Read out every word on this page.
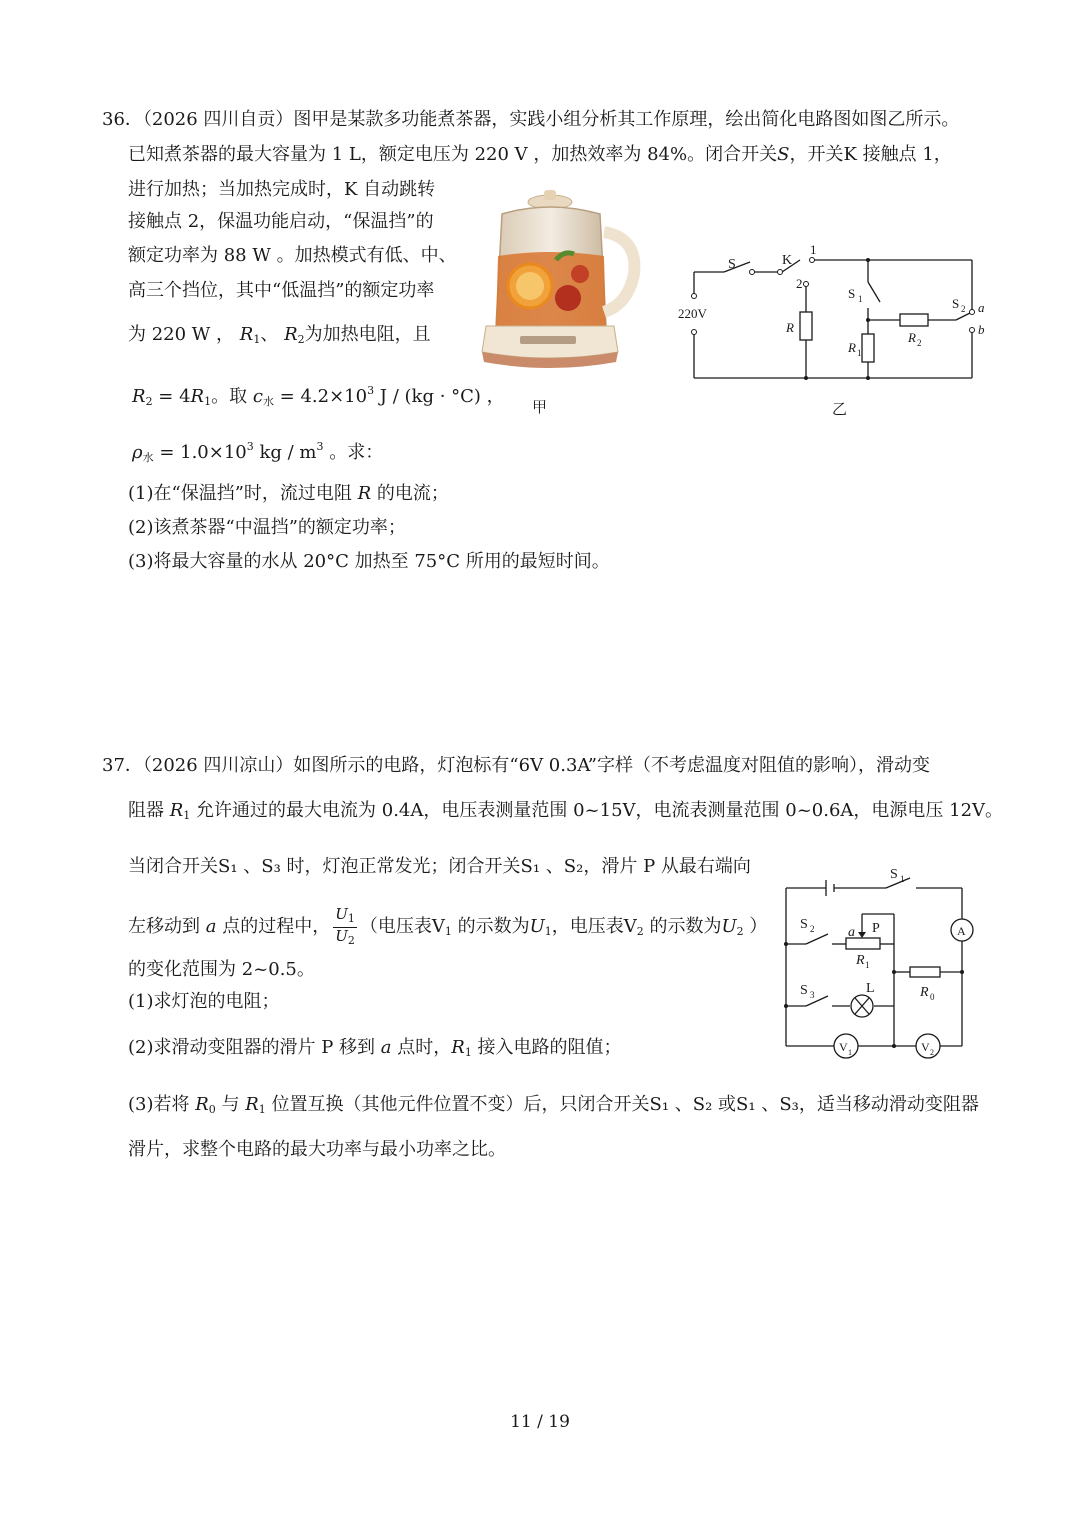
36．（2026 四川自贡）图甲是某款多功能煮茶器，实践小组分析其工作原理，绘出简化电路图如图乙所示。
已知煮茶器的最大容量为 1 L，额定电压为 220 V ，加热效率为 84%。闭合开关S，开关K 接触点 1，
进行加热；当加热完成时，K 自动跳转
接触点 2，保温功能启动，“保温挡”的
额定功率为 88 W 。加热模式有低、中、
高三个挡位，其中“低温挡”的额定功率
为 220 W ， $R_1$、 $R_2$为加热电阻，且
$R_2 = 4R_1$。取 $c_水 = 4.2\times 10^3$ J / (kg · °C) ，
$\rho_水 = 1.0\times 10^3$ kg / $m^3$ 。求：
(1)在“保温挡”时，流过电阻 R 的电流；
(2)该煮茶器“中温挡”的额定功率；
(3)将最大容量的水从 20°C 加热至 75°C 所用的最短时间。
甲
S	K
1
2
220V
R
S 1
R 1
R 2
S 2 a
b
乙
37．（2026 四川凉山）如图所示的电路，灯泡标有“6V 0.3A”字样（不考虑温度对阻值的影响），滑动变
阻器 $R_1$ 允许通过的最大电流为 0.4A，电压表测量范围 0~15V，电流表测量范围 0~0.6A，电源电压 12V。
当闭合开关S₁ 、S₃ 时，灯泡正常发光；闭合开关S₁ 、S₂，滑片 P 从最右端向
左移动到 a 点的过程中， $\frac{U_1}{U_2}$ （电压表$V_1$ 的示数为$U_1$，电压表$V_2$ 的示数为$U_2$ ）
的变化范围为 2~0.5。
(1)求灯泡的电阻；
(2)求滑动变阻器的滑片 P 移到 a 点时，$R_1$ 接入电路的阻值；
(3)若将 $R_0$ 与 $R_1$ 位置互换（其他元件位置不变）后，只闭合开关S₁ 、S₂ 或S₁ 、S₃，适当移动滑动变阻器
滑片，求整个电路的最大功率与最小功率之比。
S 1
S 2 a P
R 1
S 3	L	R 0
A
V 1	V 2
11 / 19
